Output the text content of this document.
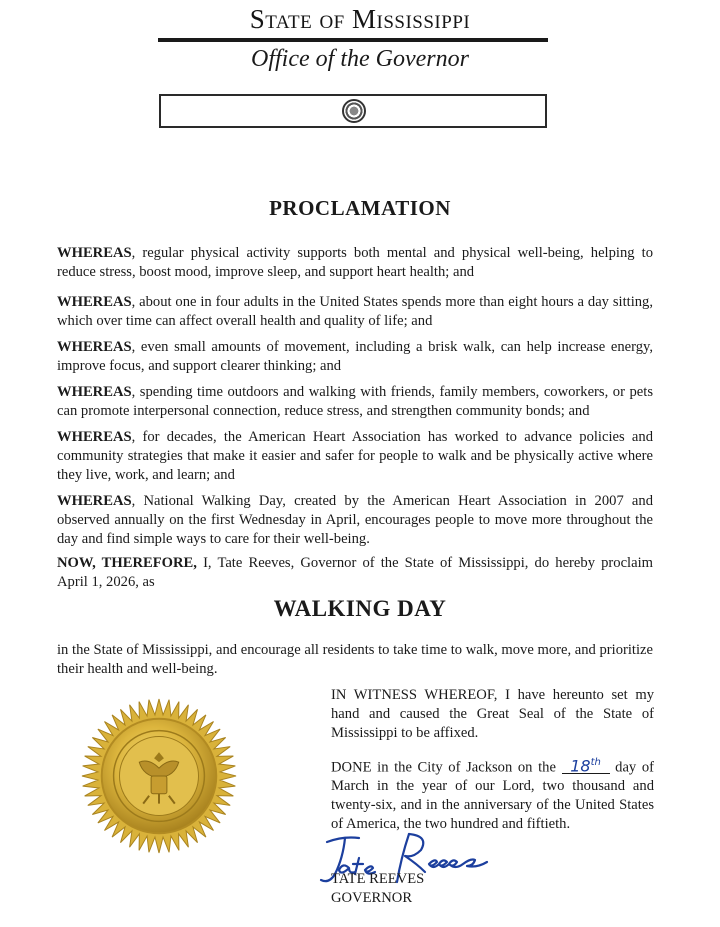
State of Mississippi
Office of the Governor
PROCLAMATION

WHEREAS, regular physical activity supports both mental and physical well-being, helping to reduce stress, boost mood, improve sleep, and support heart health; and

WHEREAS, about one in four adults in the United States spends more than eight hours a day sitting, which over time can affect overall health and quality of life; and

WHEREAS, even small amounts of movement, including a brisk walk, can help increase energy, improve focus, and support clearer thinking; and

WHEREAS, spending time outdoors and walking with friends, family members, coworkers, or pets can promote interpersonal connection, reduce stress, and strengthen community bonds; and

WHEREAS, for decades, the American Heart Association has worked to advance policies and community strategies that make it easier and safer for people to walk and be physically active where they live, work, and learn; and

WHEREAS, National Walking Day, created by the American Heart Association in 2007 and observed annually on the first Wednesday in April, encourages people to move more throughout the day and find simple ways to care for their well-being.

NOW, THEREFORE, I, Tate Reeves, Governor of the State of Mississippi, do hereby proclaim April 1, 2026, as

WALKING DAY

in the State of Mississippi, and encourage all residents to take time to walk, move more, and prioritize their health and well-being.

IN WITNESS WHEREOF, I have hereunto set my hand and caused the Great Seal of the State of Mississippi to be affixed.

DONE in the City of Jackson on the 18th day of March in the year of our Lord, two thousand and twenty-six, and in the anniversary of the United States of America, the two hundred and fiftieth.

TATE REEVES
GOVERNOR
